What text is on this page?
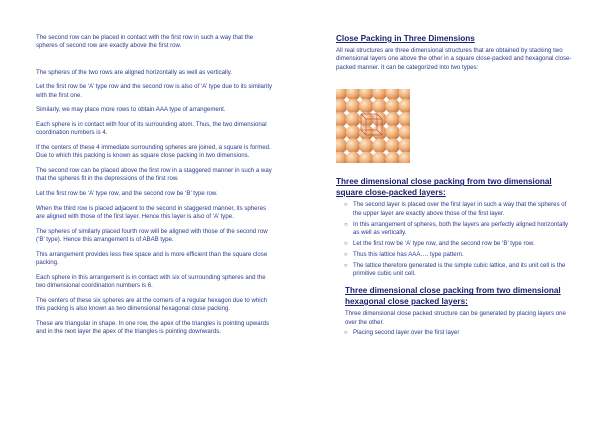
The second row can be placed in contact with the first row in such a way that the spheres of second row are exactly above the first row.

The spheres of the two rows are aligned horizontally as well as vertically.

Let the first row be ‘A’ type row and the second row is also of ‘A’ type due to its similarity with the first one.

Similarly, we may place more rows to obtain AAA type of arrangement.

Each sphere is in contact with four of its surrounding atom. Thus, the two dimensional coordination numbers is 4.

If the centers of these 4 immediate surrounding spheres are joined, a square is formed. Due to which this packing is known as square close packing in two dimensions.

The second row can be placed above the first row in a staggered manner in such a way that the spheres fit in the depressions of the first row.

Let the first row be ‘A’ type row, and the second row be ‘B’ type row.

When the third row is placed adjacent to the second in staggered manner, its spheres are aligned with those of the first layer. Hence this layer is also of ‘A’ type.

The spheres of similarly placed fourth row will be aligned with those of the second row (‘B’ type). Hence this arrangement is of ABAB type.

This arrangement provides less free space and is more efficient than the square close packing.

Each sphere in this arrangement is in contact with six of surrounding spheres and the two dimensional coordination numbers is 6.

The centers of these six spheres are at the corners of a regular hexagon due to which this packing is also known as two dimensional hexagonal close packing.

These are triangular in shape. In one row, the apex of the triangles is pointing upwards and in the next layer the apex of the triangles is pointing downwards.

Close Packing in Three Dimensions

All real structures are three dimensional structures that are obtained by stacking two dimensional layers one above the other in a square close-packed and hexagonal close-packed manner. It can be categorized into two types:

Three dimensional close packing from two dimensional square close-packed layers:
○ The second layer is placed over the first layer in such a way that the spheres of the upper layer are exactly above those of the first layer.
○ In this arrangement of spheres, both the layers are perfectly aligned horizontally as well as vertically.
○ Let the first row be ‘A’ type row, and the second row be ‘B’ type row.
○ Thus this lattice has AAA…. type pattern.
○ The lattice therefore generated is the simple cubic lattice, and its unit cell is the primitive cubic unit cell.
Three dimensional close packing from two dimensional hexagonal close packed layers:

Three dimensional close packed structure can be generated by placing layers one over the other.

○ Placing second layer over the first layer
